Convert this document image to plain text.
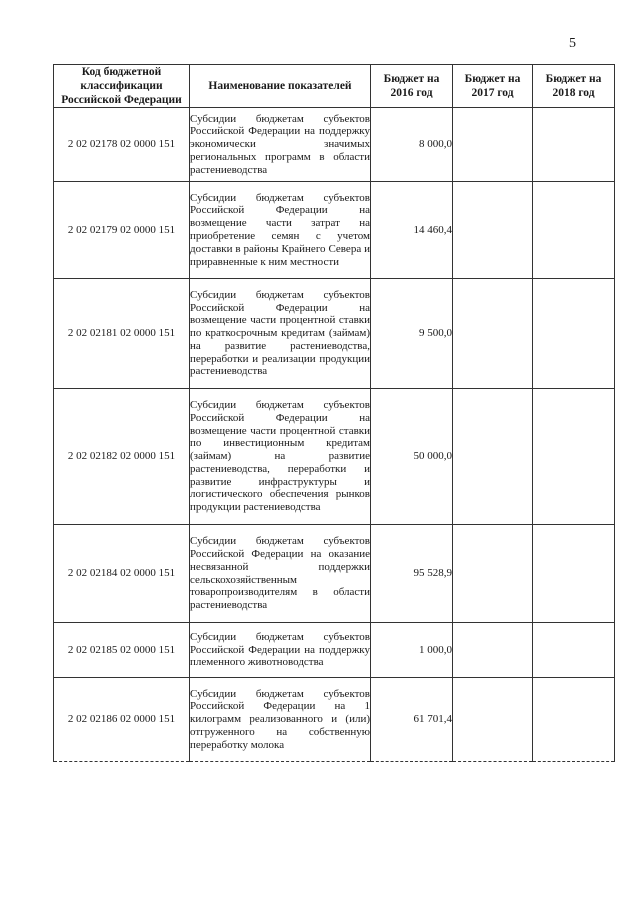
5
Код бюджетной классификации Российской Федерации	Наименование показателей	Бюджет на 2016 год	Бюджет на 2017 год	Бюджет на 2018 год
2 02 02178 02 0000 151	Субсидии бюджетам субъектов Российской Федерации на поддержку экономически значимых региональных программ в области растениеводства	8 000,0		
2 02 02179 02 0000 151	Субсидии бюджетам субъектов Российской Федерации на возмещение части затрат на приобретение семян с учетом доставки в районы Крайнего Севера и приравненные к ним местности	14 460,4		
2 02 02181 02 0000 151	Субсидии бюджетам субъектов Российской Федерации на возмещение части процентной ставки по краткосрочным кредитам (займам) на развитие растениеводства, переработки и реализации продукции растениеводства	9 500,0		
2 02 02182 02 0000 151	Субсидии бюджетам субъектов Российской Федерации на возмещение части процентной ставки по инвестиционным кредитам (займам) на развитие растениеводства, переработки и развитие инфраструктуры и логистического обеспечения рынков продукции растениеводства	50 000,0		
2 02 02184 02 0000 151	Субсидии бюджетам субъектов Российской Федерации на оказание несвязанной поддержки сельскохозяйственным товаропроизводителям в области растениеводства	95 528,9		
2 02 02185 02 0000 151	Субсидии бюджетам субъектов Российской Федерации на поддержку племенного животноводства	1 000,0		
2 02 02186 02 0000 151	Субсидии бюджетам субъектов Российской Федерации на 1 килограмм реализованного и (или) отгруженного на собственную переработку молока	61 701,4		
